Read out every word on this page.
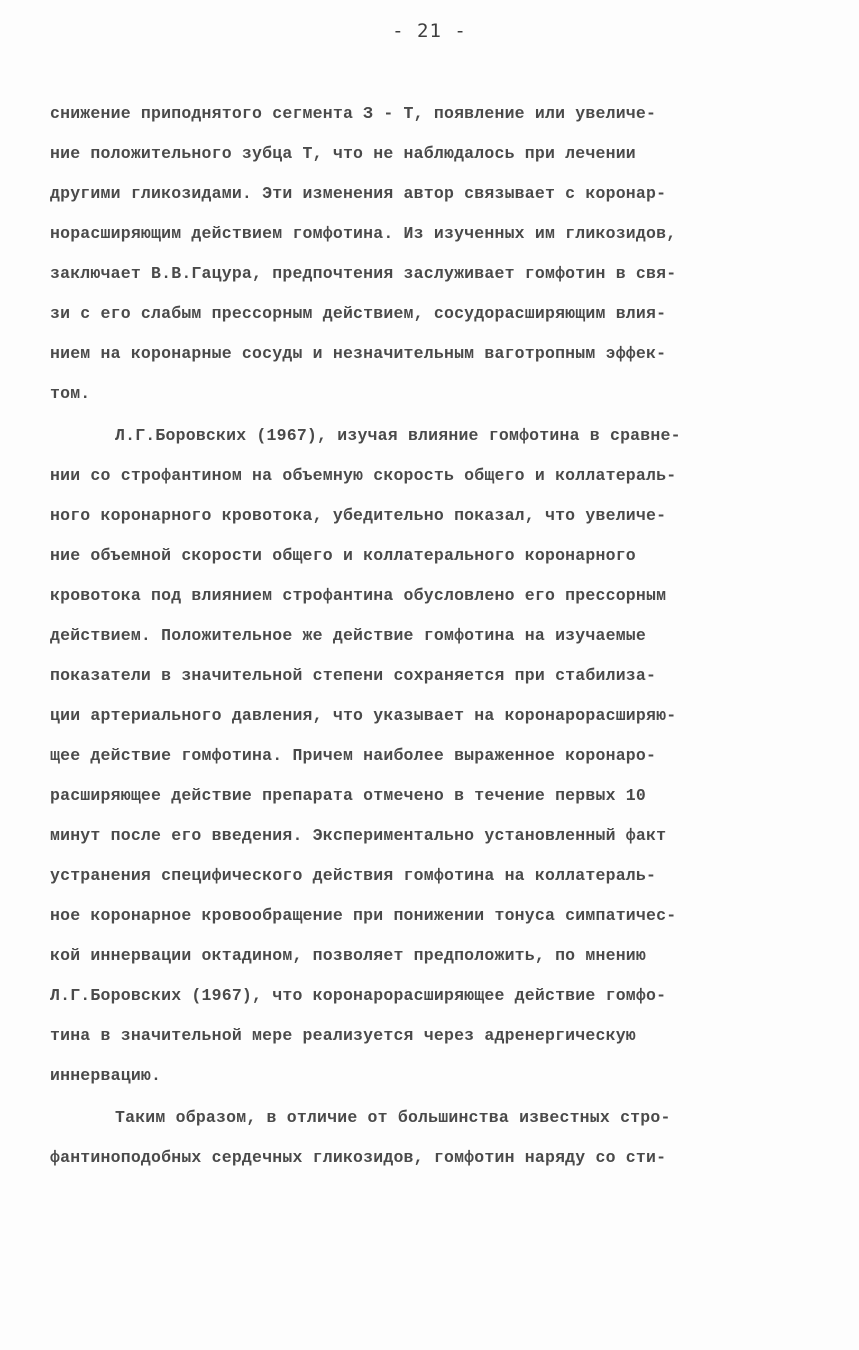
- 21 -

снижение приподнятого сегмента З - Т, появление или увеличе-

ние положительного зубца Т, что не наблюдалось при лечении

другими гликозидами. Эти изменения автор связывает с коронар-

норасширяющим действием гомфотина. Из изученных им гликозидов,

заключает В.В.Гацура, предпочтения заслуживает гомфотин в свя-

зи с его слабым прессорным действием, сосудорасширяющим влия-

нием на коронарные сосуды и незначительным ваготропным эффек-

том.

Л.Г.Боровских (1967), изучая влияние гомфотина в сравне-

нии со строфантином на объемную скорость общего и коллатераль-

ного коронарного кровотока, убедительно показал, что увеличе-

ние объемной скорости общего и коллатерального коронарного

кровотока под влиянием строфантина обусловлено его прессорным

действием. Положительное же действие гомфотина на изучаемые

показатели в значительной степени сохраняется при стабилиза-

ции артериального давления, что указывает на коронарорасширяю-

щее действие гомфотина. Причем наиболее выраженное коронаро-

расширяющее действие препарата отмечено в течение первых 10

минут после его введения. Экспериментально установленный факт

устранения специфического действия гомфотина на коллатераль-

ное коронарное кровообращение при понижении тонуса симпатичес-

кой иннервации октадином, позволяет предположить, по мнению

Л.Г.Боровских (1967), что коронарорасширяющее действие гомфо-

тина в значительной мере реализуется через адренергическую

иннервацию.

Таким образом, в отличие от большинства известных стро-

фантиноподобных сердечных гликозидов, гомфотин наряду со сти-
